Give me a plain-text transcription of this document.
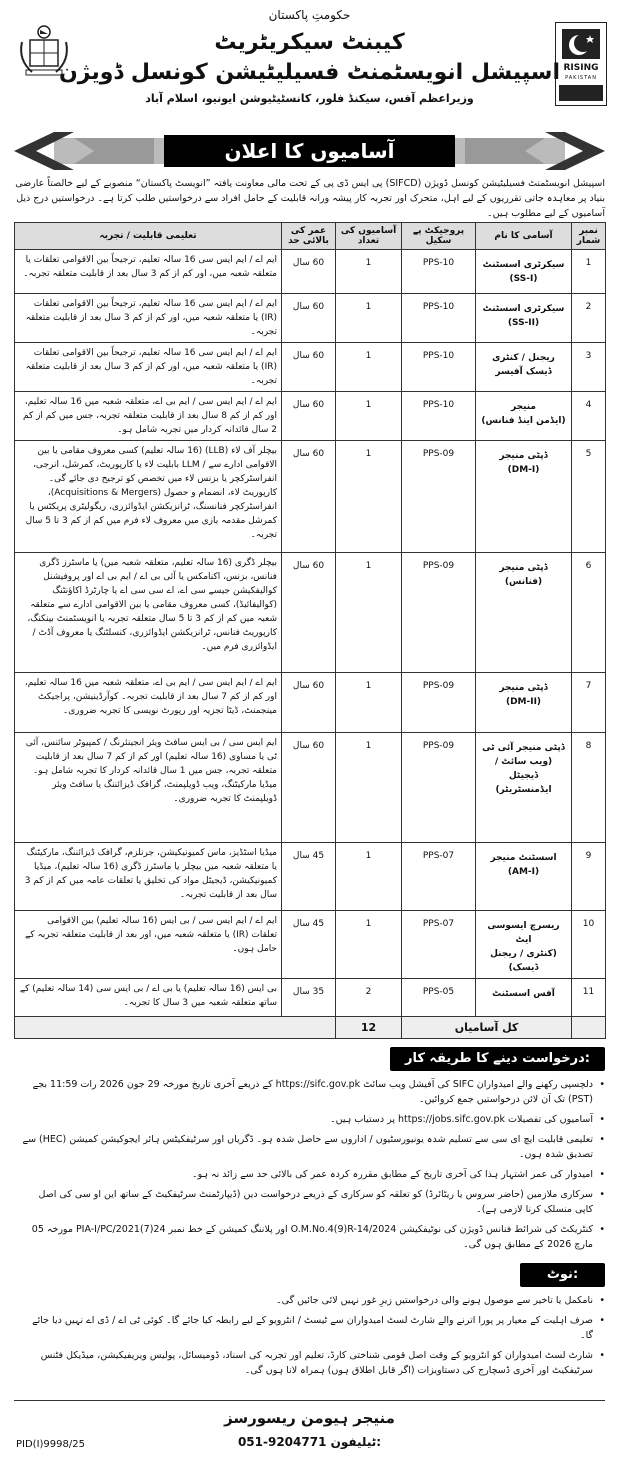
RISING
PAKISTAN
حکومتِ پاکستان
کیبنٹ سیکریٹریٹ
اسپیشل انویسٹمنٹ فسیلیٹیشن کونسل ڈویژن
وزیراعظم آفس، سیکنڈ فلور، کانسٹیٹیوشن ایونیو، اسلام آباد
آسامیوں کا اعلان
اسپیشل انویسٹمنٹ فسیلیٹیشن کونسل ڈویژن (SIFCD) پی ایس ڈی پی کے تحت مالی معاونت یافتہ ”انویسٹ پاکستان“ منصوبے کے لیے خالصتاً عارضی بنیاد پر معاہدہ جاتی تقرریوں کے لیے اہل، متحرک اور تجربہ کار پیشہ ورانہ قابلیت کے حامل افراد سے درخواستیں طلب کرتا ہے۔ درخواستیں درج ذیل آسامیوں کے لیے مطلوب ہیں۔
نمبر شمار	آسامی کا نام	پروجیکٹ پے سکیل	آسامیوں کی تعداد	عمر کی بالائی حد	تعلیمی قابلیت / تجربہ
1	سیکرٹری اسسٹنٹ
(SS-I)	PPS-10	1	60 سال	ایم اے / ایم ایس سی 16 سالہ تعلیم، ترجیحاً بین الاقوامی تعلقات یا متعلقہ شعبہ میں، اور کم از کم 3 سال بعد از قابلیت متعلقہ تجربہ۔
2	سیکرٹری اسسٹنٹ
(SS-II)	PPS-10	1	60 سال	ایم اے / ایم ایس سی 16 سالہ تعلیم، ترجیحاً بین الاقوامی تعلقات (IR) یا متعلقہ شعبہ میں، اور کم از کم 3 سال بعد از قابلیت متعلقہ تجربہ۔
3	ریجنل / کنٹری
ڈیسک آفیسر	PPS-10	1	60 سال	ایم اے / ایم ایس سی 16 سالہ تعلیم، ترجیحاً بین الاقوامی تعلقات (IR) یا متعلقہ شعبہ میں، اور کم از کم 3 سال بعد از قابلیت متعلقہ تجربہ۔
4	منیجر
(ایڈمن اینڈ فنانس)	PPS-10	1	60 سال	ایم اے / ایم ایس سی / ایم بی اے، متعلقہ شعبہ میں 16 سالہ تعلیم، اور کم از کم 8 سال بعد از قابلیت متعلقہ تجربہ، جس میں کم از کم 2 سال قائدانہ کردار میں تجربہ شامل ہو۔
5	ڈپٹی منیجر
(DM-I)	PPS-09	1	60 سال	بیچلر آف لاء (LLB) (16 سالہ تعلیم) کسی معروف مقامی یا بین الاقوامی ادارے سے / LLM بابلیت لاء یا کارپوریٹ، کمرشل، انرجی، انفراسٹرکچر یا بزنس لاء میں تخصص کو ترجیح دی جائے گی۔ کارپوریٹ لاء، انضمام و حصول (Acquisitions & Mergers)، انفراسٹرکچر فنانسنگ، ٹرانزیکشن ایڈوائزری، ریگولیٹری پریکٹس یا کمرشل مقدمہ بازی میں معروف لاء فرم میں کم از کم 3 تا 5 سال تجربہ۔
6	ڈپٹی منیجر
(فنانس)	PPS-09	1	60 سال	بیچلر ڈگری (16 سالہ تعلیم، متعلقہ شعبہ میں) یا ماسٹرز ڈگری فنانس، بزنس، اکنامکس یا آئی بی اے / ایم بی اے اور پروفیشنل کوالیفکیشن جیسے سی اے، اے سی سی اے یا چارٹرڈ اکاؤنٹنگ (کوالیفائیڈ)، کسی معروف مقامی یا بین الاقوامی ادارے سے متعلقہ شعبہ میں کم از کم 3 تا 5 سال متعلقہ تجربہ یا انویسٹمنٹ بینکنگ، کارپوریٹ فنانس، ٹرانزیکشن ایڈوائزری، کنسلٹنگ یا معروف آڈٹ / ایڈوائزری فرم میں۔
7	ڈپٹی منیجر
(DM-II)	PPS-09	1	60 سال	ایم اے / ایم ایس سی / ایم بی اے، متعلقہ شعبہ میں 16 سالہ تعلیم، اور کم از کم 7 سال بعد از قابلیت تجربہ۔ کوآرڈینیشن، پراجیکٹ مینجمنٹ، ڈیٹا تجزیہ اور رپورٹ نویسی کا تجربہ ضروری۔
8	ڈپٹی منیجر آئی ٹی
(ویب سائٹ / ڈیجیٹل ایڈمنسٹریٹر)	PPS-09	1	60 سال	ایم ایس سی / بی ایس سافٹ ویئر انجینئرنگ / کمپیوٹر سائنس، آئی ٹی یا مساوی (16 سالہ تعلیم) اور کم از کم 7 سال بعد از قابلیت متعلقہ تجربہ، جس میں 1 سال قائدانہ کردار کا تجربہ شامل ہو۔ میڈیا مارکیٹنگ، ویب ڈویلپمنٹ، گرافک ڈیزائننگ یا سافٹ ویئر ڈویلپمنٹ کا تجربہ ضروری۔
9	اسسٹنٹ منیجر
(AM-I)	PPS-07	1	45 سال	میڈیا اسٹڈیز، ماس کمیونیکیشن، جرنلزم، گرافک ڈیزائننگ، مارکیٹنگ یا متعلقہ شعبہ میں بیچلر یا ماسٹرز ڈگری (16 سالہ تعلیم)، میڈیا کمیونیکیشن، ڈیجیٹل مواد کی تخلیق یا تعلقات عامہ میں کم از کم 3 سال بعد از قابلیت تجربہ۔
10	ریسرچ ایسوسی ایٹ
(کنٹری / ریجنل ڈیسک)	PPS-07	1	45 سال	ایم اے / ایم ایس سی / بی ایس (16 سالہ تعلیم) بین الاقوامی تعلقات (IR) یا متعلقہ شعبہ میں، اور بعد از قابلیت متعلقہ تجربہ کے حامل ہوں۔
11	آفس اسسٹنٹ	PPS-05	2	35 سال	بی ایس (16 سالہ تعلیم) یا بی اے / بی ایس سی (14 سالہ تعلیم) کے ساتھ متعلقہ شعبہ میں 3 سال کا تجربہ۔
	کل آسامیاں		12		
درخواست دینے کا طریقہ کار:
• دلچسپی رکھنے والے امیدواران SIFC کی آفیشل ویب سائٹ https://sifc.gov.pk کے ذریعے آخری تاریخ مورخہ 29 جون 2026 رات 11:59 بجے (PST) تک آن لائن درخواستیں جمع کروائیں۔
• آسامیوں کی تفصیلات https://jobs.sifc.gov.pk پر دستیاب ہیں۔
• تعلیمی قابلیت ایچ ای سی سے تسلیم شدہ یونیورسٹیوں / اداروں سے حاصل شدہ ہو۔ ڈگریاں اور سرٹیفکیٹس ہائر ایجوکیشن کمیشن (HEC) سے تصدیق شدہ ہوں۔
• امیدوار کی عمر اشتہار ہذا کی آخری تاریخ کے مطابق مقررہ کردہ عمر کی بالائی حد سے زائد نہ ہو۔
• سرکاری ملازمین (حاضر سروس یا ریٹائرڈ) کو تعلقہ کو سرکاری کے ذریعے درخواست دیں (ڈیپارٹمنٹ سرٹیفکیٹ کے ساتھ این او سی کی اصل کاپی منسلک کرنا لازمی ہے)۔
• کنٹریکٹ کی شرائط فنانس ڈویژن کی نوٹیفکیشن O.M.No.4(9)R-14/2024 اور پلاننگ کمیشن کے خط نمبر 24(7)PIA-I/PC/2021 مورخہ 05 مارچ 2026 کے مطابق ہوں گی۔
نوٹ:
• نامکمل یا تاخیر سے موصول ہونے والی درخواستیں زیرِ غور نہیں لائی جائیں گی۔
• صرف اہلیت کے معیار پر پورا اترنے والے شارٹ لسٹ امیدواران سے ٹیسٹ / انٹرویو کے لیے رابطہ کیا جائے گا۔ کوئی ٹی اے / ڈی اے نہیں دیا جائے گا۔
• شارٹ لسٹ امیدواران کو انٹرویو کے وقت اصل قومی شناختی کارڈ، تعلیم اور تجربہ کی اسناد، ڈومیسائل، پولیس ویریفیکیشن، میڈیکل فٹنس سرٹیفکیٹ اور آخری ڈسچارج کی دستاویزات (اگر قابل اطلاق ہوں) ہمراہ لانا ہوں گی۔
منیجر ہیومن ریسورسز
051-9204771 ٹیلیفون:
PID(I)9998/25
